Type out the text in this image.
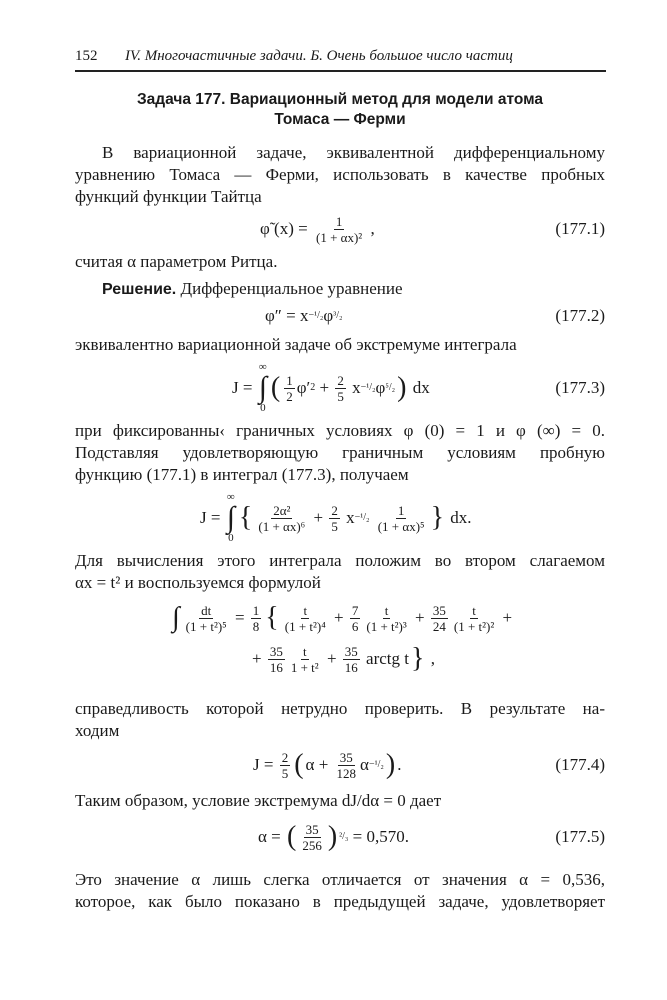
152 IV. Многочастичные задачи. Б. Очень большое число частиц
Задача 177. Вариационный метод для модели атома
Томаса — Ферми
В вариационной задаче, эквивалентной дифференциальному
уравнению Томаса — Ферми, использовать в качестве пробных
функций функции Тайтца
φ̃ $(x) = \frac{1}{\text{(1 + αx)²}}$ ,	(177.1)
считая α параметром Ритца.
Решение. Дифференциальное уравнение
φ″ = x −¹/₂ φ ³/₂	(177.2)
эквивалентно вариационной задаче об экстремуме интеграла
J =
∞
∫
0
( $\frac{1}{2} \varphi'$ $2 + \frac{2}{5}$ x −¹/₂ φ ⁵/₂ ) dx	(177.3)
при фиксированны‹ граничных условиях φ (0) = 1 и φ (∞) = 0.
Подставляя удовлетворяющую граничным условиям пробную
функцию (177.1) в интеграл (177.3), получаем
J =
∞
∫
0
{ $\frac{\text{2α²}}{\text{(1 + αx)⁶}} + \frac{2}{5}$ x −¹/₂
$\frac{1}{\text{(1 + αx)⁵}}$ } dx.
Для вычисления этого интеграла положим во втором слагаемом
αx = t² и воспользуемся формулой
∫ $\frac{dt}{\text{(1 + t²)⁵}} = \frac{1}{8}$ { $\frac{t}{\text{(1 + t²)⁴}} + \frac{7}{6} \frac{t}{\text{(1 + t²)³}} + \frac{35}{24} \frac{t}{\text{(1 + t²)²}}$ +
+ $\frac{35}{16} \frac{t}{\text{1 + t²}} + \frac{35}{16}$ arctg t } ,
справедливость которой нетрудно проверить. В результате на-
ходим
$J = \frac{2}{5}$ ( $\alpha + \frac{35}{128}$ α −¹/₂ ) .	(177.4)
Таким образом, условие экстремума dJ/dα = 0 дает
α = ( $\frac{35}{256}$ ) ²/₃ = 0,570.	(177.5)
Это значение α лишь слегка отличается от значения α = 0,536,
которое, как было показано в предыдущей задаче, удовлетворяет
